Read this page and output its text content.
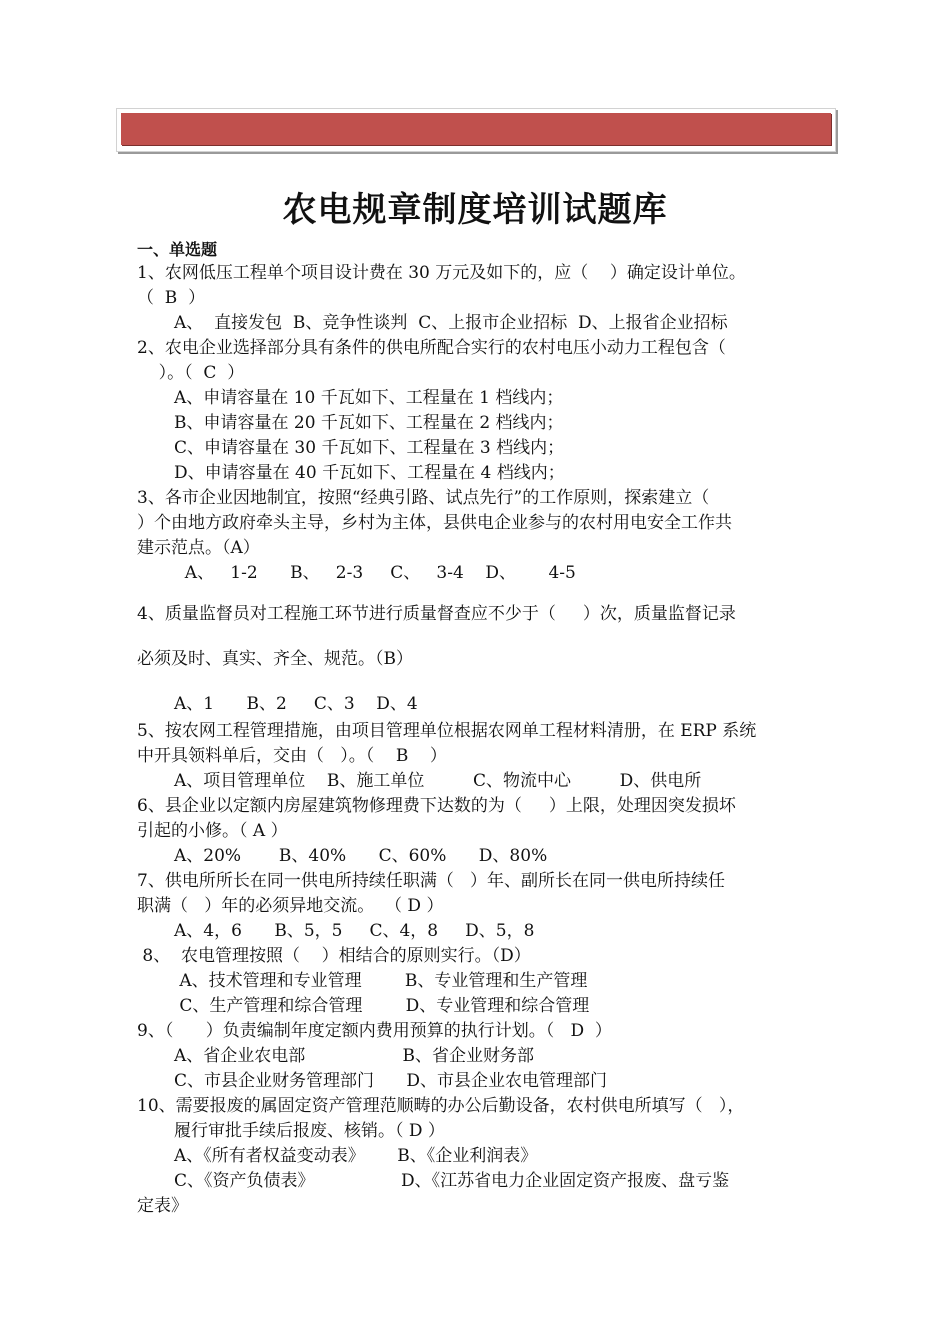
农电规章制度培训试题库
一、单选题
1、农网低压工程单个项目设计费在 30 万元及如下的，应（    ）确定设计单位。
（  B  ）
A、  直接发包  B、竞争性谈判  C、上报市企业招标  D、上报省企业招标
2、农电企业选择部分具有条件的供电所配合实行的农村电压小动力工程包含（
）。（  C  ）
A、申请容量在 10 千瓦如下、工程量在 1 档线内；
B、申请容量在 20 千瓦如下、工程量在 2 档线内；
C、申请容量在 30 千瓦如下、工程量在 3 档线内；
D、申请容量在 40 千瓦如下、工程量在 4 档线内；
3、各市企业因地制宜，按照“经典引路、试点先行”的工作原则，探索建立（
）个由地方政府牵头主导，乡村为主体，县供电企业参与的农村用电安全工作共
建示范点。（A）
A、   1-2      B、   2-3     C、   3-4    D、      4-5
4、质量监督员对工程施工环节进行质量督查应不少于（     ）次，质量监督记录
必须及时、真实、齐全、规范。（B）
A、1      B、2     C、3    D、4
5、按农网工程管理措施，由项目管理单位根据农网单工程材料清册，在 ERP 系统
中开具领料单后，交由（   ）。（    B    ）
A、项目管理单位    B、施工单位         C、物流中心         D、供电所
6、县企业以定额内房屋建筑物修理费下达数的为（     ）上限，处理因突发损坏
引起的小修。（ A ）
A、20%       B、40%      C、60%      D、80%
7、供电所所长在同一供电所持续任职满（   ）年、副所长在同一供电所持续任
职满（   ）年的必须异地交流。  （ D ）
A、4，6      B、5，5     C、4，8     D、5，8
8、  农电管理按照（    ）相结合的原则实行。（D）
A、技术管理和专业管理        B、专业管理和生产管理
C、生产管理和综合管理        D、专业管理和综合管理
9、（      ）负责编制年度定额内费用预算的执行计划。（   D  ）
A、省企业农电部                  B、省企业财务部
C、市县企业财务管理部门      D、市县企业农电管理部门
10、需要报废的属固定资产管理范顺畴的办公后勤设备，农村供电所填写（   ），
履行审批手续后报废、核销。（ D ）
A、《所有者权益变动表》      B、《企业利润表》
C、《资产负债表》                D、《江苏省电力企业固定资产报废、盘亏鉴
定表》
